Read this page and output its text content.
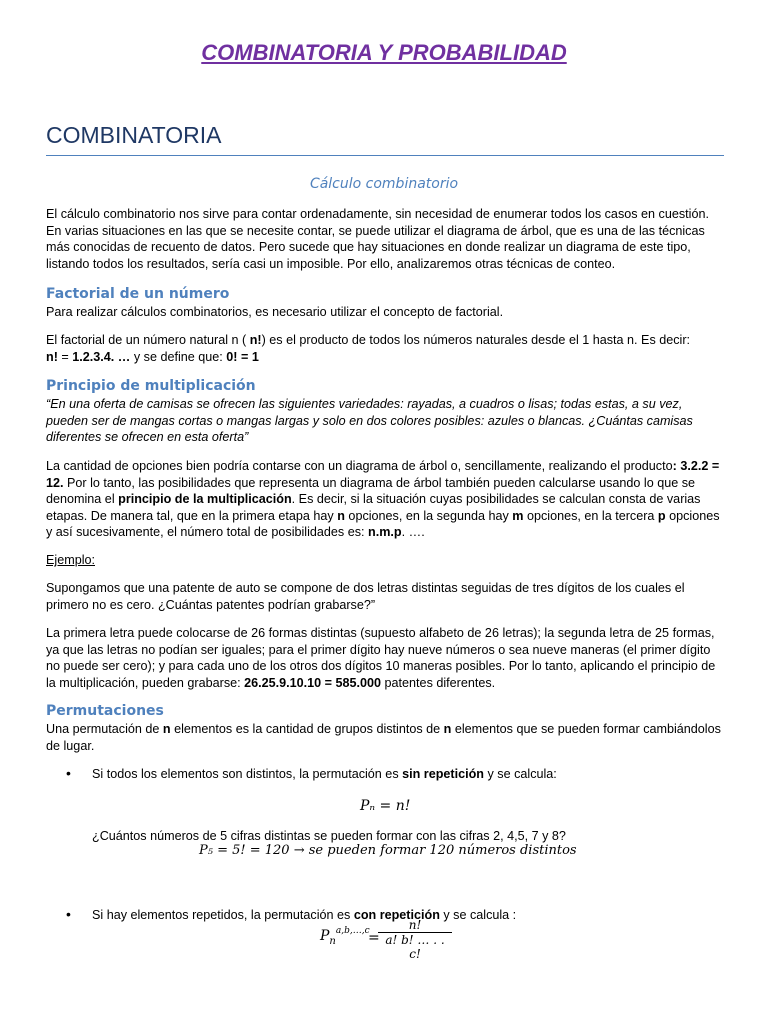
COMBINATORIA Y PROBABILIDAD
COMBINATORIA
Cálculo combinatorio
El cálculo combinatorio nos sirve para contar ordenadamente, sin necesidad de enumerar todos los casos en cuestión. En varias situaciones en las que se necesite contar, se puede utilizar el diagrama de árbol, que es una de las técnicas más conocidas de recuento de datos. Pero sucede que hay situaciones en donde realizar un diagrama de este tipo, listando todos los resultados, sería casi un imposible. Por ello, analizaremos otras técnicas de conteo.
Factorial de un número
Para realizar cálculos combinatorios, es necesario utilizar el concepto de factorial.
El factorial de un número natural n ( n!) es el producto de todos los números naturales desde el 1 hasta n. Es decir:
n! = 1.2.3.4. … y se define que: 0! = 1
Principio de multiplicación
“En una oferta de camisas se ofrecen las siguientes variedades: rayadas, a cuadros o lisas; todas estas, a su vez, pueden ser de mangas cortas o mangas largas y solo en dos colores posibles: azules o blancas. ¿Cuántas camisas diferentes se ofrecen en esta oferta”
La cantidad de opciones bien podría contarse con un diagrama de árbol o, sencillamente, realizando el producto: 3.2.2 = 12. Por lo tanto, las posibilidades que representa un diagrama de árbol también pueden calcularse usando lo que se denomina el principio de la multiplicación. Es decir, si la situación cuyas posibilidades se calculan consta de varias etapas. De manera tal, que en la primera etapa hay n opciones, en la segunda hay m opciones, en la tercera p opciones y así sucesivamente, el número total de posibilidades es: n.m.p. ….
Ejemplo:
Supongamos que una patente de auto se compone de dos letras distintas seguidas de tres dígitos de los cuales el primero no es cero. ¿Cuántas patentes podrían grabarse?”
La primera letra puede colocarse de 26 formas distintas (supuesto alfabeto de 26 letras); la segunda letra de 25 formas, ya que las letras no podían ser iguales; para el primer dígito hay nueve números o sea nueve maneras (el primer dígito no puede ser cero); y para cada uno de los otros dos dígitos 10 maneras posibles. Por lo tanto, aplicando el principio de la multiplicación, pueden grabarse: 26.25.9.10.10 = 585.000 patentes diferentes.
Permutaciones
Una permutación de n elementos es la cantidad de grupos distintos de n elementos que se pueden formar cambiándolos de lugar.
• Si todos los elementos son distintos, la permutación es sin repetición y se calcula:
Pₙ = n!
¿Cuántos números de 5 cifras distintas se pueden formar con las cifras 2, 4,5, 7 y 8?
P₅ = 5! = 120 → se pueden formar 120 números distintos
• Si hay elementos repetidos, la permutación es con repetición y se calcula :
$P_n^{a,b,\dots,c}$
=
$\frac{n!}{a! b! \dots . . c!}$
